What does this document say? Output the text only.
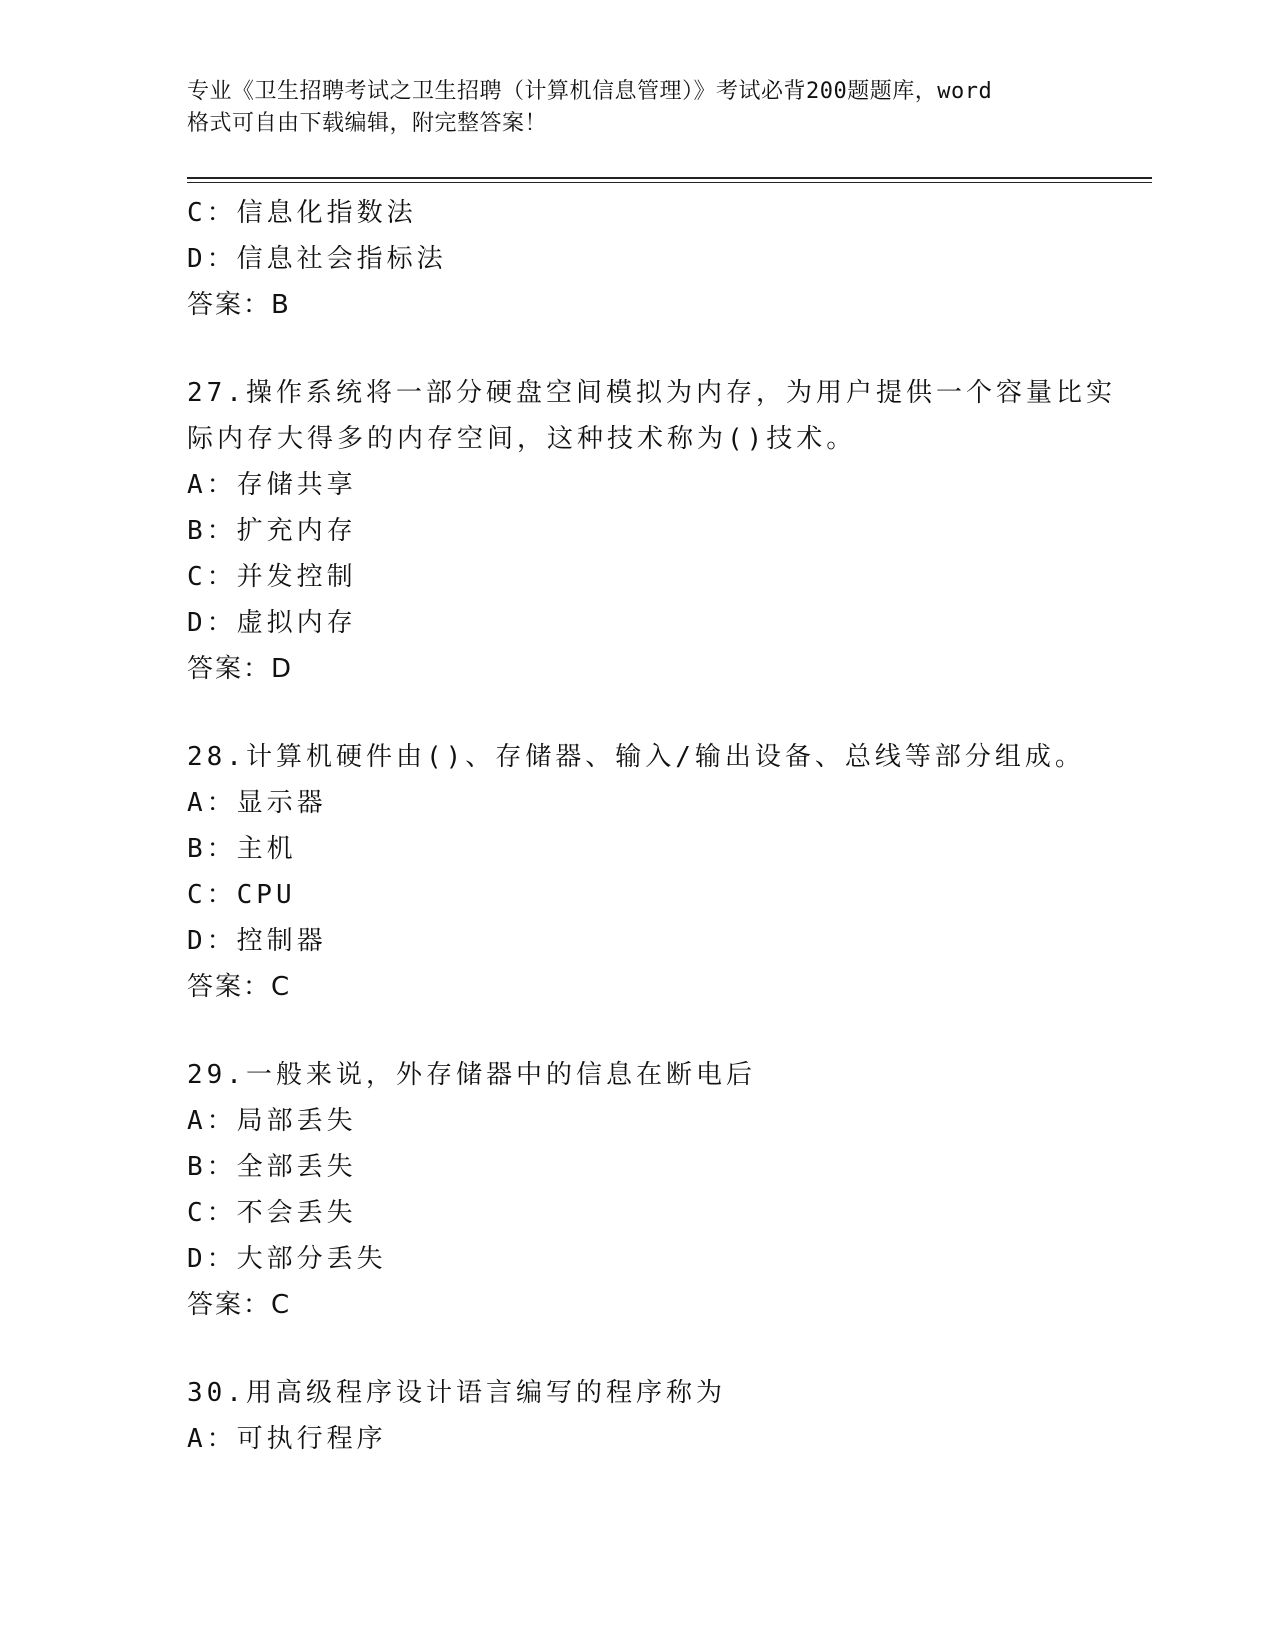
专业《卫生招聘考试之卫生招聘（计算机信息管理）》考试必背200题题库，word
格式可自由下载编辑，附完整答案！
C：信息化指数法
D：信息社会指标法
答案：B
27.操作系统将一部分硬盘空间模拟为内存，为用户提供一个容量比实
际内存大得多的内存空间，这种技术称为()技术。
A：存储共享
B：扩充内存
C：并发控制
D：虚拟内存
答案：D
28.计算机硬件由()、存储器、输入/输出设备、总线等部分组成。
A：显示器
B：主机
C：CPU
D：控制器
答案：C
29.一般来说，外存储器中的信息在断电后
A：局部丢失
B：全部丢失
C：不会丢失
D：大部分丢失
答案：C
30.用高级程序设计语言编写的程序称为
A：可执行程序
